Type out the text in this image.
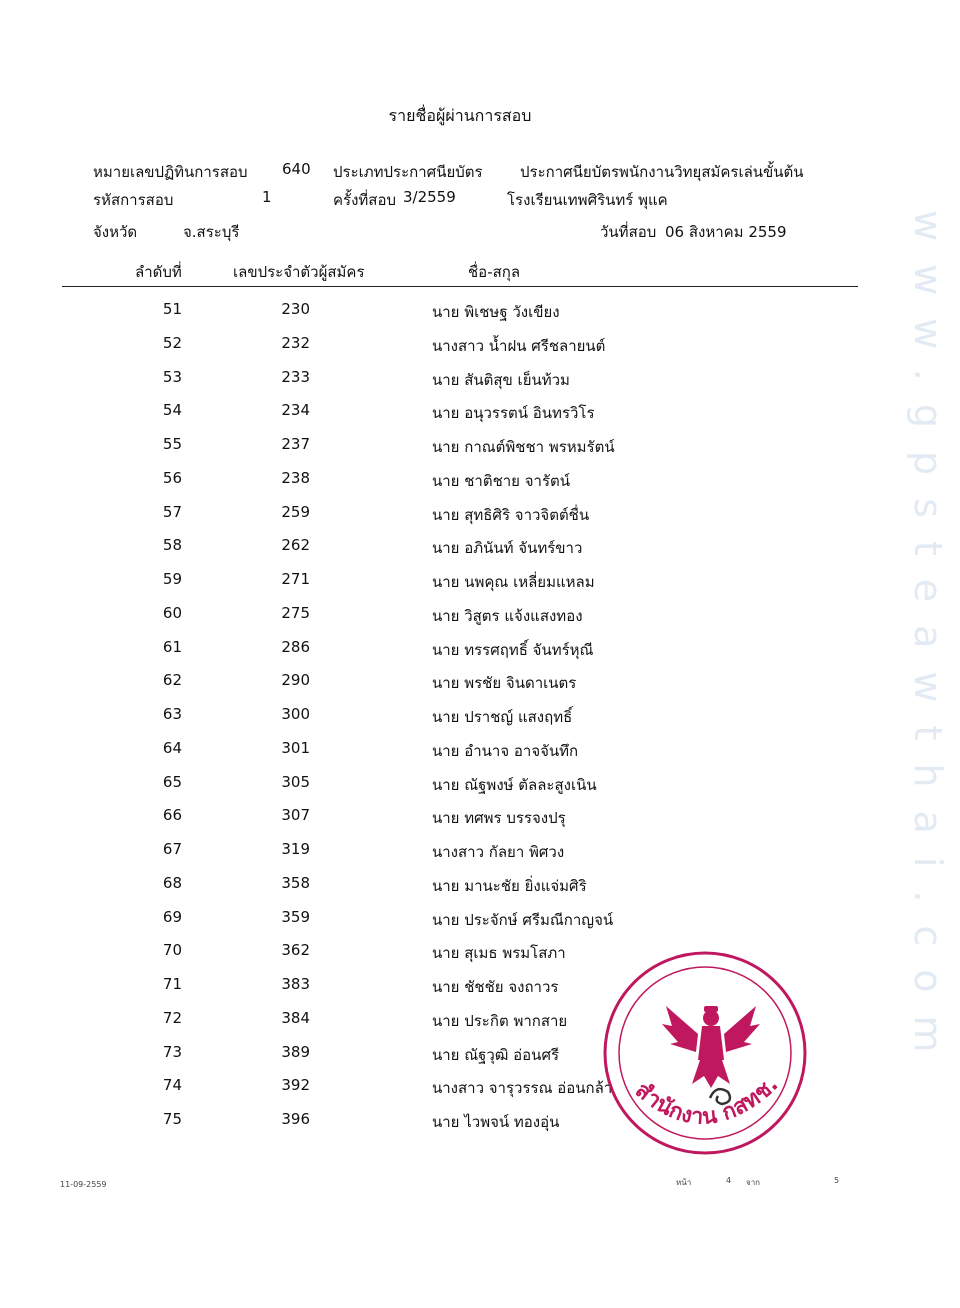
www.gpsteawthai.com
รายชื่อผู้ผ่านการสอบ
หมายเลขปฏิทินการสอบ 640 ประเภทประกาศนียบัตร ประกาศนียบัตรพนักงานวิทยุสมัครเล่นขั้นต้น
รหัสการสอบ	1	ครั้งที่สอบ 3/2559	โรงเรียนเทพศิรินทร์ พุแค
จังหวัด	จ.สระบุรี	วันที่สอบ 06 สิงหาคม 2559
ลำดับที่	เลขประจำตัวผู้สมัคร	ชื่อ-สกุล
51	230	นาย พิเชษฐ วังเขียง
52	232	นางสาว น้ำฝน ศรีชลายนต์
53	233	นาย สันติสุข เย็นท้วม
54	234	นาย อนุวรรตน์ อินทรวิโร
55	237	นาย กาณต์พิชชา พรหมรัตน์
56	238	นาย ชาติชาย จารัตน์
57	259	นาย สุทธิศิริ จาวจิตต์ชื่น
58	262	นาย อภินันท์ จันทร์ขาว
59	271	นาย นพคุณ เหลี่ยมแหลม
60	275	นาย วิสูตร แจ้งแสงทอง
61	286	นาย ทรรศฤทธิ์ จันทร์หุณี
62	290	นาย พรชัย จินดาเนตร
63	300	นาย ปราชญ์ แสงฤทธิ์
64	301	นาย อำนาจ อาจจันทึก
65	305	นาย ณัฐพงษ์ ตัลละสูงเนิน
66	307	นาย ทศพร บรรจงปรุ
67	319	นางสาว กัลยา พิศวง
68	358	นาย มานะชัย ยิ่งแจ่มศิริ
69	359	นาย ประจักษ์ ศรีมณีกาญจน์
70	362	นาย สุเมธ พรมโสภา
71	383	นาย ชัชชัย จงถาวร
72	384	นาย ประกิต พากสาย
73	389	นาย ณัฐวุฒิ อ่อนศรี
74	392	นางสาว จารุวรรณ อ่อนกล้า
75	396	นาย ไวพจน์ ทองอุ่น
สำนักงาน กสทช.
11-09-2559	หน้า	4 จาก	5
